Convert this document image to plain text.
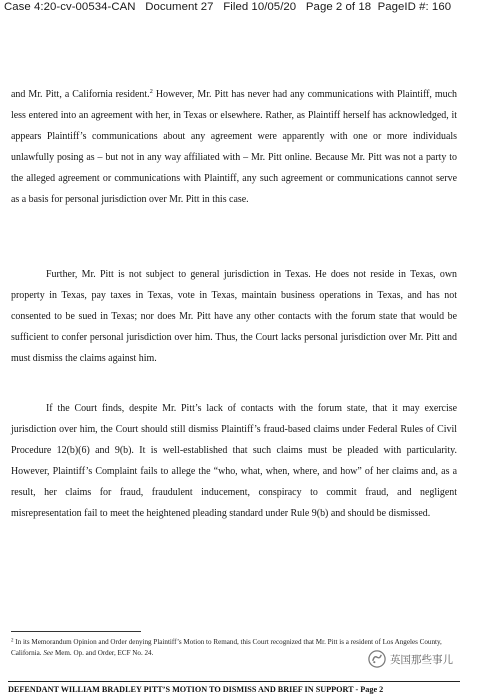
Case 4:20-cv-00534-CAN Document 27 Filed 10/05/20 Page 2 of 18 PageID #: 160

and Mr. Pitt, a California resident.$^2$ However, Mr. Pitt has never had any communications with Plaintiff, much less entered into an agreement with her, in Texas or elsewhere. Rather, as Plaintiff herself has acknowledged, it appears Plaintiff’s communications about any agreement were apparently with one or more individuals unlawfully posing as – but not in any way affiliated with – Mr. Pitt online. Because Mr. Pitt was not a party to the alleged agreement or communications with Plaintiff, any such agreement or communications cannot serve as a basis for personal jurisdiction over Mr. Pitt in this case.

Further, Mr. Pitt is not subject to general jurisdiction in Texas. He does not reside in Texas, own property in Texas, pay taxes in Texas, vote in Texas, maintain business operations in Texas, and has not consented to be sued in Texas; nor does Mr. Pitt have any other contacts with the forum state that would be sufficient to confer personal jurisdiction over him. Thus, the Court lacks personal jurisdiction over Mr. Pitt and must dismiss the claims against him.

If the Court finds, despite Mr. Pitt’s lack of contacts with the forum state, that it may exercise jurisdiction over him, the Court should still dismiss Plaintiff’s fraud-based claims under Federal Rules of Civil Procedure 12(b)(6) and 9(b). It is well-established that such claims must be pleaded with particularity. However, Plaintiff’s Complaint fails to allege the “who, what, when, where, and how” of her claims and, as a result, her claims for fraud, fraudulent inducement, conspiracy to commit fraud, and negligent misrepresentation fail to meet the heightened pleading standard under Rule 9(b) and should be dismissed.

$^2$ In its Memorandum Opinion and Order denying Plaintiff’s Motion to Remand, this Court recognized that Mr. Pitt is a resident of Los Angeles County, California. See Mem. Op. and Order, ECF No. 24.
英国那些事儿
DEFENDANT WILLIAM BRADLEY PITT’S MOTION TO DISMISS AND BRIEF IN SUPPORT - Page 2
